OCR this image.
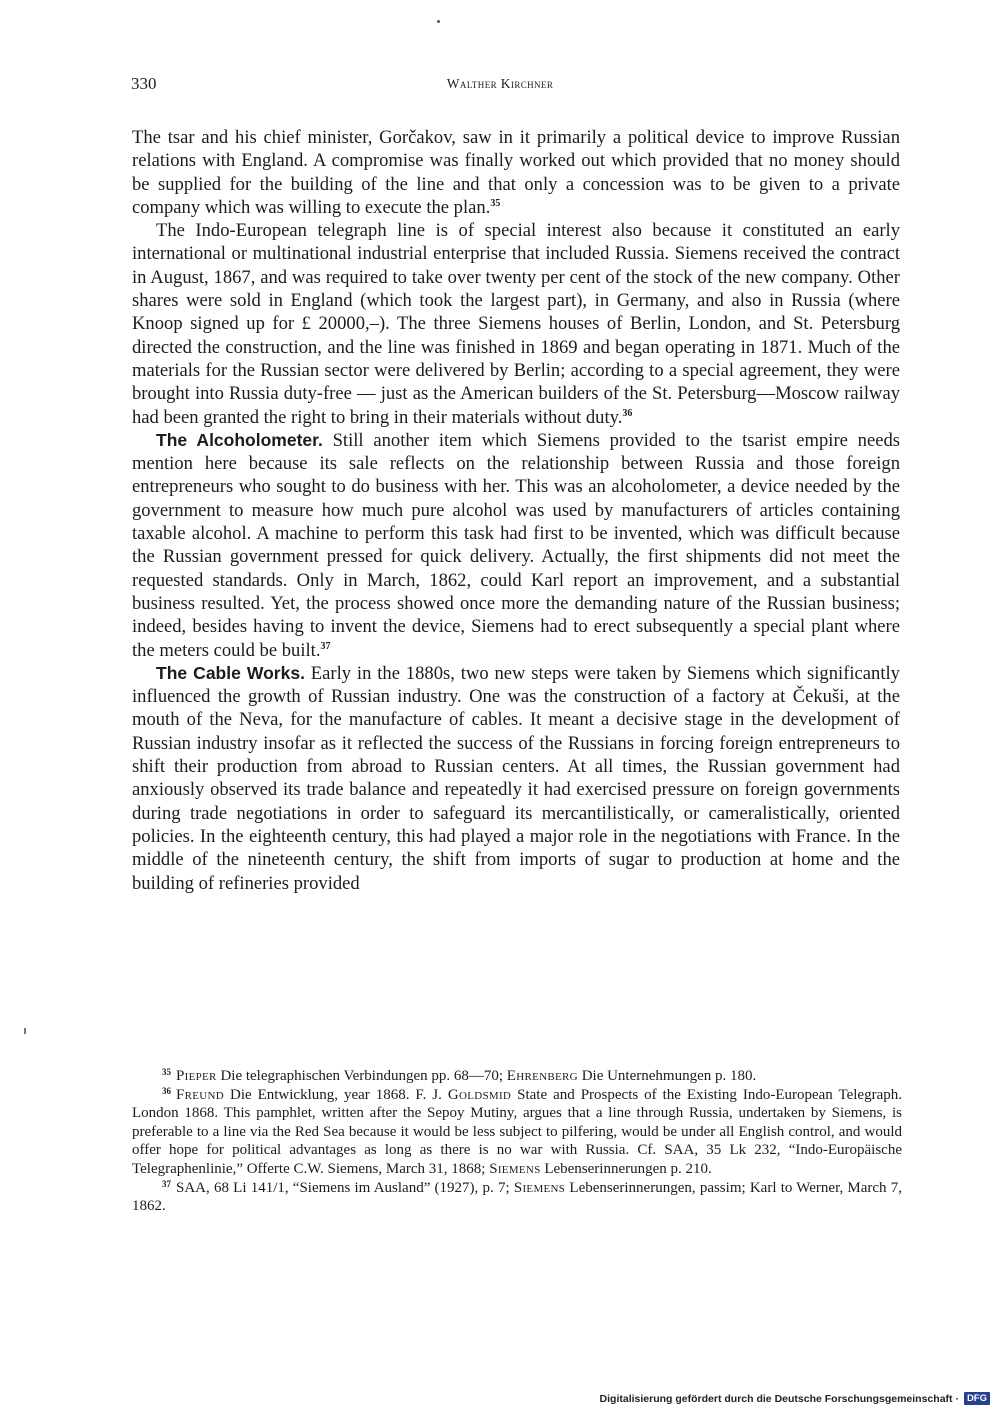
330	Walther Kirchner

The tsar and his chief minister, Gorčakov, saw in it primarily a political device to improve Russian relations with England. A compromise was finally worked out which provided that no money should be supplied for the building of the line and that only a concession was to be given to a private company which was willing to execute the plan.$^{35}$

The Indo-European telegraph line is of special interest also because it constituted an early international or multinational industrial enterprise that included Russia. Siemens received the contract in August, 1867, and was required to take over twenty per cent of the stock of the new company. Other shares were sold in England (which took the largest part), in Germany, and also in Russia (where Knoop signed up for £ 20000,–). The three Siemens houses of Berlin, London, and St. Petersburg directed the construction, and the line was finished in 1869 and began operating in 1871. Much of the materials for the Russian sector were delivered by Berlin; according to a special agreement, they were brought into Russia duty-free — just as the American builders of the St. Petersburg—Moscow railway had been granted the right to bring in their materials without duty.$^{36}$

The Alcoholometer. Still another item which Siemens provided to the tsarist empire needs mention here because its sale reflects on the relationship between Russia and those foreign entrepreneurs who sought to do business with her. This was an alcoholometer, a device needed by the government to measure how much pure alcohol was used by manufacturers of articles containing taxable alcohol. A machine to perform this task had first to be invented, which was difficult because the Russian government pressed for quick delivery. Actually, the first shipments did not meet the requested standards. Only in March, 1862, could Karl report an improvement, and a substantial business resulted. Yet, the process showed once more the demanding nature of the Russian business; indeed, besides having to invent the device, Siemens had to erect subsequently a special plant where the meters could be built.$^{37}$

The Cable Works. Early in the 1880s, two new steps were taken by Siemens which significantly influenced the growth of Russian industry. One was the construction of a factory at Čekuši, at the mouth of the Neva, for the manufacture of cables. It meant a decisive stage in the development of Russian industry insofar as it reflected the success of the Russians in forcing foreign entrepreneurs to shift their production from abroad to Russian centers. At all times, the Russian government had anxiously observed its trade balance and repeatedly it had exercised pressure on foreign governments during trade negotiations in order to safeguard its mercantilistically, or cameralistically, oriented policies. In the eighteenth century, this had played a major role in the negotiations with France. In the middle of the nineteenth century, the shift from imports of sugar to production at home and the building of refineries provided

$^{35}$ Pieper Die telegraphischen Verbindungen pp. 68—70; Ehrenberg Die Unternehmungen p. 180.

$^{36}$ Freund Die Entwicklung, year 1868. F. J. Goldsmid State and Prospects of the Existing Indo-European Telegraph. London 1868. This pamphlet, written after the Sepoy Mutiny, argues that a line through Russia, undertaken by Siemens, is preferable to a line via the Red Sea because it would be less subject to pilfering, would be under all English control, and would offer hope for political advantages as long as there is no war with Russia. Cf. SAA, 35 Lk 232, “Indo-Europäische Telegraphenlinie,” Offerte C.W. Siemens, March 31, 1868; Siemens Lebenserinnerungen p. 210.

$^{37}$ SAA, 68 Li 141/1, “Siemens im Ausland” (1927), p. 7; Siemens Lebenserinnerungen, passim; Karl to Werner, March 7, 1862.

Digitalisierung gefördert durch die Deutsche Forschungsgemeinschaft · DFG
